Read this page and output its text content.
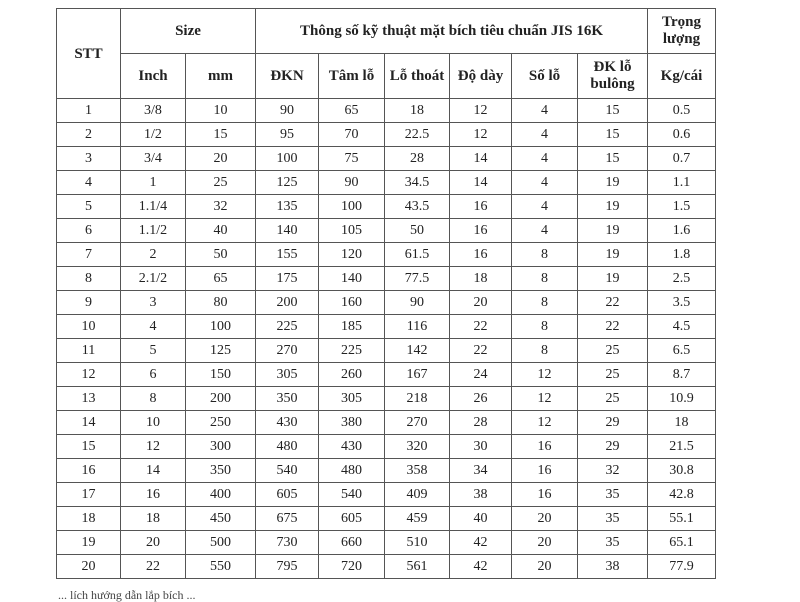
STT	Size		Thông số kỹ thuật mặt bích tiêu chuẩn JIS 16K						Trọng lượng
	Inch	mm	ĐKN	Tâm lỗ	Lỗ thoát	Độ dày	Số lỗ	ĐK lỗ bulông	Kg/cái
1	3/8	10	90	65	18	12	4	15	0.5
2	1/2	15	95	70	22.5	12	4	15	0.6
3	3/4	20	100	75	28	14	4	15	0.7
4	1	25	125	90	34.5	14	4	19	1.1
5	1.1/4	32	135	100	43.5	16	4	19	1.5
6	1.1/2	40	140	105	50	16	4	19	1.6
7	2	50	155	120	61.5	16	8	19	1.8
8	2.1/2	65	175	140	77.5	18	8	19	2.5
9	3	80	200	160	90	20	8	22	3.5
10	4	100	225	185	116	22	8	22	4.5
11	5	125	270	225	142	22	8	25	6.5
12	6	150	305	260	167	24	12	25	8.7
13	8	200	350	305	218	26	12	25	10.9
14	10	250	430	380	270	28	12	29	18
15	12	300	480	430	320	30	16	29	21.5
16	14	350	540	480	358	34	16	32	30.8
17	16	400	605	540	409	38	16	35	42.8
18	18	450	675	605	459	40	20	35	55.1
19	20	500	730	660	510	42	20	35	65.1
20	22	550	795	720	561	42	20	38	77.9
... lích hướng dẫn lắp bích ...
